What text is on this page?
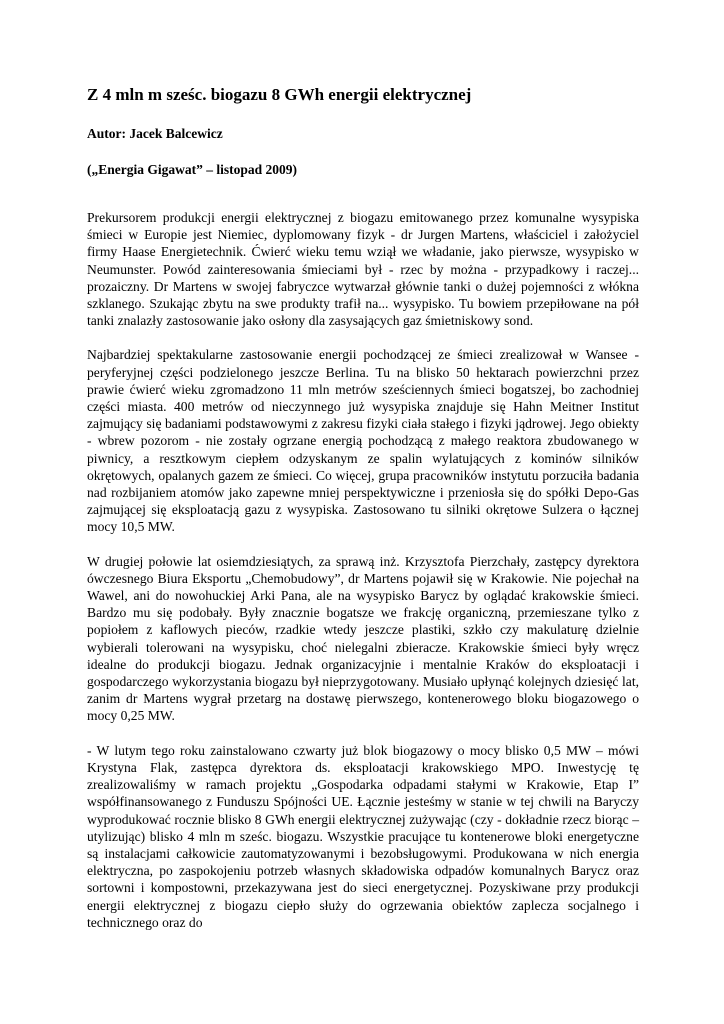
Z 4 mln m sześc. biogazu 8 GWh energii elektrycznej

Autor: Jacek Balcewicz

(„Energia Gigawat” – listopad 2009)

Prekursorem produkcji energii elektrycznej z biogazu emitowanego przez komunalne wysypiska śmieci w Europie jest Niemiec, dyplomowany fizyk - dr Jurgen Martens, właściciel i założyciel firmy Haase Energietechnik. Ćwierć wieku temu wziął we władanie, jako pierwsze, wysypisko w Neumunster. Powód zainteresowania śmieciami był - rzec by można - przypadkowy i raczej... prozaiczny. Dr Martens w swojej fabryczce wytwarzał głównie tanki o dużej pojemności z włókna szklanego. Szukając zbytu na swe produkty trafił na... wysypisko. Tu bowiem przepiłowane na pół tanki znalazły zastosowanie jako osłony dla zasysających gaz śmietniskowy sond.

Najbardziej spektakularne zastosowanie energii pochodzącej ze śmieci zrealizował w Wansee - peryferyjnej części podzielonego jeszcze Berlina. Tu na blisko 50 hektarach powierzchni przez prawie ćwierć wieku zgromadzono 11 mln metrów sześciennych śmieci bogatszej, bo zachodniej części miasta. 400 metrów od nieczynnego już wysypiska znajduje się Hahn Meitner Institut zajmujący się badaniami podstawowymi z zakresu fizyki ciała stałego i fizyki jądrowej. Jego obiekty - wbrew pozorom - nie zostały ogrzane energią pochodzącą z małego reaktora zbudowanego w piwnicy, a resztkowym ciepłem odzyskanym ze spalin wylatujących z kominów silników okrętowych, opalanych gazem ze śmieci. Co więcej, grupa pracowników instytutu porzuciła badania nad rozbijaniem atomów jako zapewne mniej perspektywiczne i przeniosła się do spółki Depo-Gas zajmującej się eksploatacją gazu z wysypiska. Zastosowano tu silniki okrętowe Sulzera o łącznej mocy 10,5 MW.

W drugiej połowie lat osiemdziesiątych, za sprawą inż. Krzysztofa Pierzchały, zastępcy dyrektora ówczesnego Biura Eksportu „Chemobudowy”, dr Martens pojawił się w Krakowie. Nie pojechał na Wawel, ani do nowohuckiej Arki Pana, ale na wysypisko Barycz by oglądać krakowskie śmieci. Bardzo mu się podobały. Były znacznie bogatsze we frakcję organiczną, przemieszane tylko z popiołem z kaflowych pieców, rzadkie wtedy jeszcze plastiki, szkło czy makulaturę dzielnie wybierali tolerowani na wysypisku, choć nielegalni zbieracze. Krakowskie śmieci były wręcz idealne do produkcji biogazu. Jednak organizacyjnie i mentalnie Kraków do eksploatacji i gospodarczego wykorzystania biogazu był nieprzygotowany. Musiało upłynąć kolejnych dziesięć lat, zanim dr Martens wygrał przetarg na dostawę pierwszego, kontenerowego bloku biogazowego o mocy 0,25 MW.

- W lutym tego roku zainstalowano czwarty już blok biogazowy o mocy blisko 0,5 MW – mówi Krystyna Flak, zastępca dyrektora ds. eksploatacji krakowskiego MPO. Inwestycję tę zrealizowaliśmy w ramach projektu „Gospodarka odpadami stałymi w Krakowie, Etap I” współfinansowanego z Funduszu Spójności UE. Łącznie jesteśmy w stanie w tej chwili na Baryczy wyprodukować rocznie blisko 8 GWh energii elektrycznej zużywając (czy - dokładnie rzecz biorąc – utylizując) blisko 4 mln m sześc. biogazu. Wszystkie pracujące tu kontenerowe bloki energetyczne są instalacjami całkowicie zautomatyzowanymi i bezobsługowymi. Produkowana w nich energia elektryczna, po zaspokojeniu potrzeb własnych składowiska odpadów komunalnych Barycz oraz sortowni i kompostowni, przekazywana jest do sieci energetycznej. Pozyskiwane przy produkcji energii elektrycznej z biogazu ciepło służy do ogrzewania obiektów zaplecza socjalnego i technicznego oraz do
